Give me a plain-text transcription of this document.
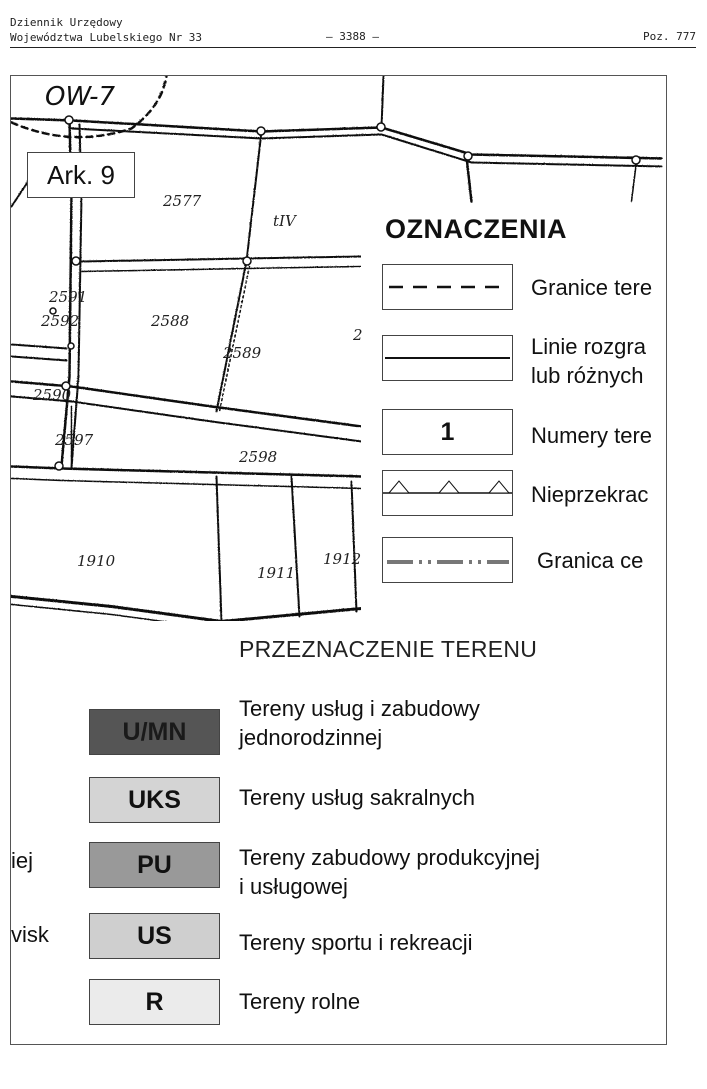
Dziennik Urzędowy
Województwa Lubelskiego Nr 33	– 3388 –	Poz. 777
OW-7
Ark. 9
2577
tIV
2591
2592	2588
2589
2590
2597
2598
1910
1911
1912
2
OZNACZENIA
Granice tere
Linie rozgra
lub różnych
1	Numery tere
Nieprzekrac
Granica ce
PRZEZNACZENIE TERENU
U/MN
Tereny usług i zabudowy
jednorodzinnej
UKS	Tereny usług sakralnych
PU	Tereny zabudowy produkcyjnej
i usługowej
US	Tereny sportu i rekreacji
R	Tereny rolne
iej
visk
